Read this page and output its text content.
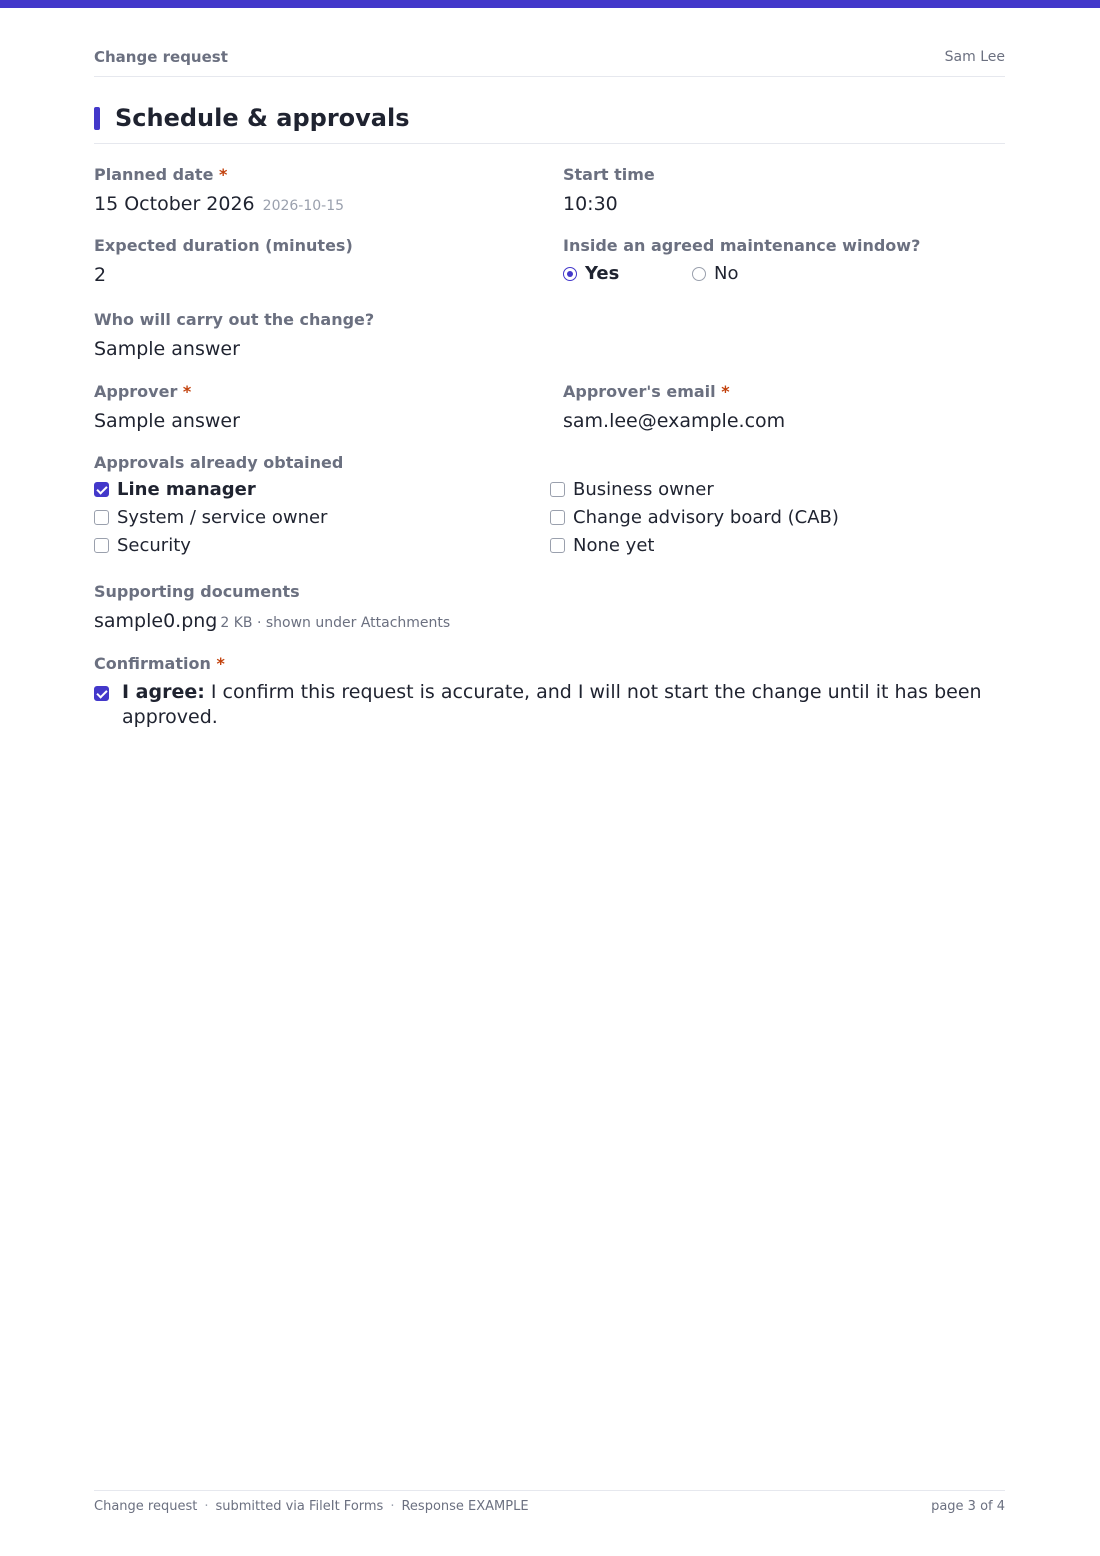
Change request	Sam Lee
Schedule & approvals
Planned date *
15 October 2026 2026-10-15
Start time
10:30
Expected duration (minutes)
2
Inside an agreed maintenance window?
Yes	No
Who will carry out the change?
Sample answer
Approver *
Sample answer
Approver's email *
sam.lee@example.com
Approvals already obtained
Line manager	Business owner
System / service owner	Change advisory board (CAB)
Security	None yet
Supporting documents
sample0.png 2 KB · shown under Attachments
Confirmation *
I agree: I confirm this request is accurate, and I will not start the change until it has been approved.
Change request · submitted via FileIt Forms · Response EXAMPLE	page 3 of 4
